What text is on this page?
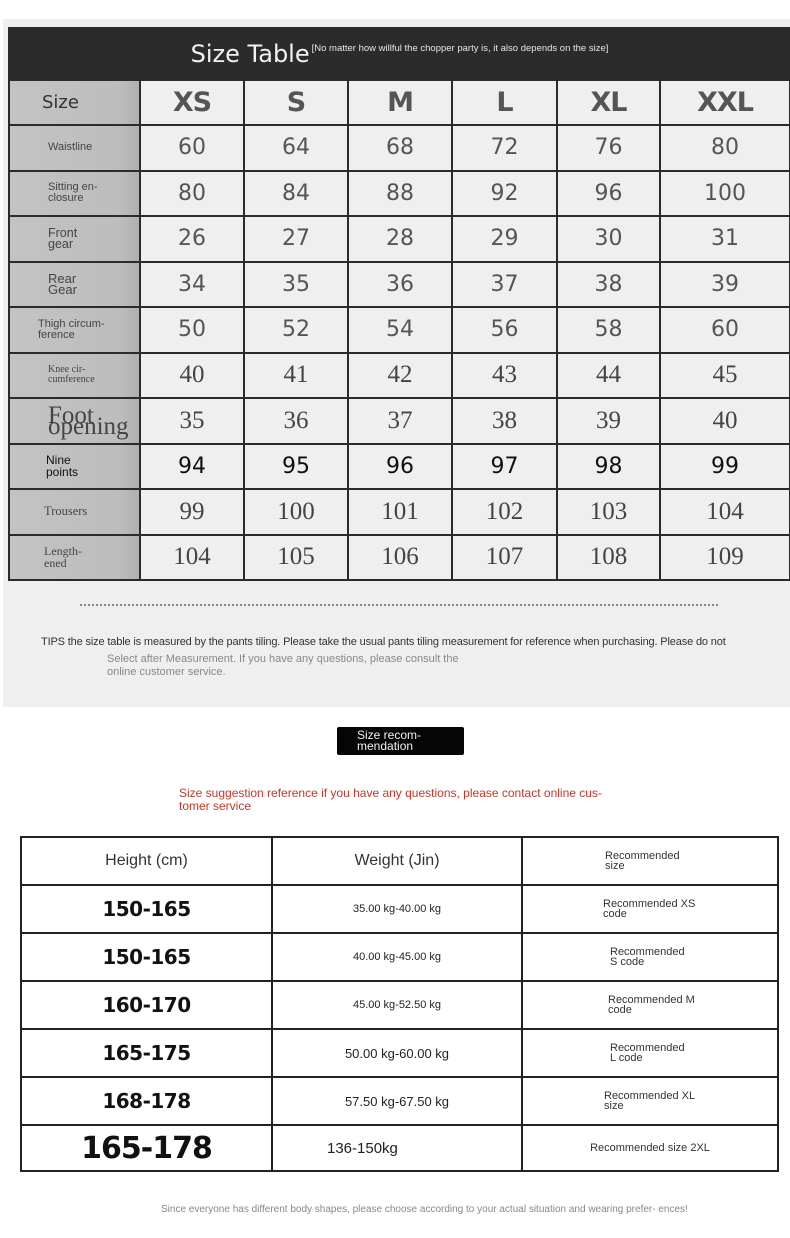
Size Table [No matter how willful the chopper party is, it also depends on the size]						

Size	XS	S	M	L	XL	XXL
Waistline	60	64	68	72	76	80

Sitting en- closure	80	84	88	92	96	100

Front gear	26	27	28	29	30	31

Rear Gear	34	35	36	37	38	39

Thigh circum- ference	50	52	54	56	58	60

Knee cir- cumference	40	41	42	43	44	45

Foot opening	35	36	37	38	39	40

Nine points	94	95	96	97	98	99
Trousers	99	100	101	102	103	104

Length- ened	104	105	106	107	108	109
TIPS the size table is measured by the pants tiling. Please take the usual pants tiling measurement for reference when purchasing. Please do not
Select after Measurement. If you have any questions, please consult the online customer service.
Size recom- mendation
Size suggestion reference if you have any questions, please contact online cus- tomer service
Height (cm)	Weight (Jin)	Recommended size
150-165	35.00 kg-40.00 kg	Recommended XS code
150-165	40.00 kg-45.00 kg	Recommended S code
160-170	45.00 kg-52.50 kg	Recommended M code
165-175	50.00 kg-60.00 kg	Recommended L code
168-178	57.50 kg-67.50 kg	Recommended XL size
165-178	136-150kg	Recommended size 2XL
Since everyone has different body shapes, please choose according to your actual situation and wearing prefer- ences!
